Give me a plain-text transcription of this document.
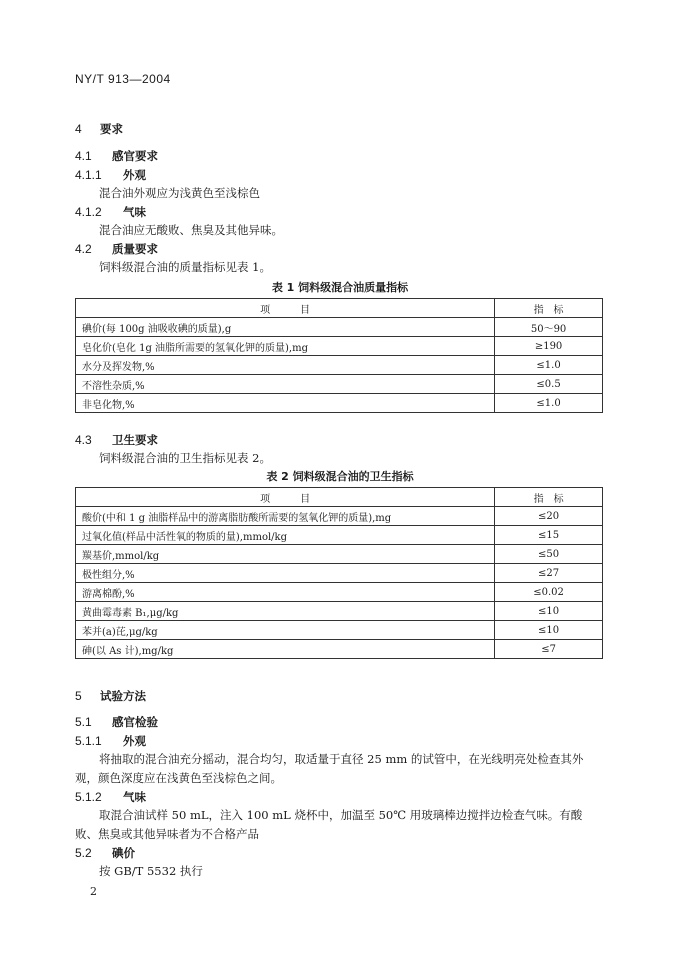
NY/T 913—2004
4 要求
4.1 感官要求
4.1.1 外观
混合油外观应为浅黄色至浅棕色
4.1.2 气味
混合油应无酸败、焦臭及其他异味。
4.2 质量要求
饲料级混合油的质量指标见表 1。
表 1 饲料级混合油质量指标
项　　　目	指　标
碘价(每 100g 油吸收碘的质量),g	50～90
皂化价(皂化 1g 油脂所需要的氢氧化钾的质量),mg	≥190
水分及挥发物,%	≤1.0
不溶性杂质,%	≤0.5
非皂化物,%	≤1.0
4.3 卫生要求
饲料级混合油的卫生指标见表 2。
表 2 饲料级混合油的卫生指标
项　　　目	指　标
酸价(中和 1 g 油脂样品中的游离脂肪酸所需要的氢氧化钾的质量),mg	≤20
过氧化值(样品中活性氧的物质的量),mmol/kg	≤15
羰基价,mmol/kg	≤50
极性组分,%	≤27
游离棉酚,%	≤0.02
黄曲霉毒素 B₁,μg/kg	≤10
苯并(a)芘,μg/kg	≤10
砷(以 As 计),mg/kg	≤7
5 试验方法
5.1 感官检验
5.1.1 外观
将抽取的混合油充分摇动，混合均匀，取适量于直径 25 mm 的试管中，在光线明亮处检查其外观，颜色深度应在浅黄色至浅棕色之间。
5.1.2 气味
取混合油试样 50 mL，注入 100 mL 烧杯中，加温至 50℃ 用玻璃棒边搅拌边检查气味。有酸败、焦臭或其他异味者为不合格产品
5.2 碘价
按 GB/T 5532 执行
2
